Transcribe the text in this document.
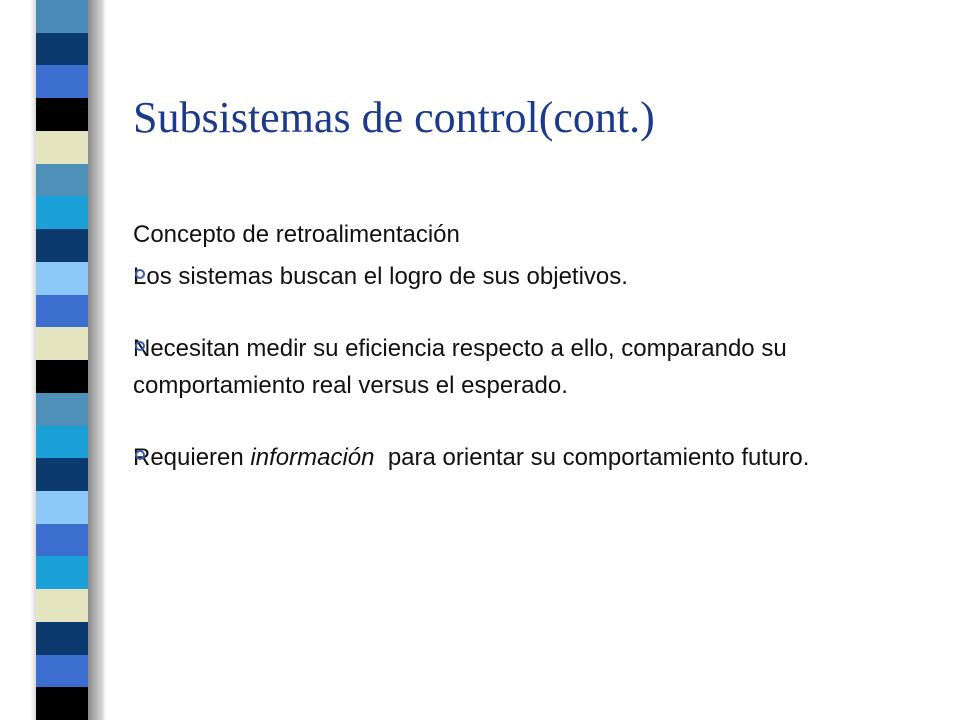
Subsistemas de control(cont.)

Concepto de retroalimentación

Los sistemas buscan el logro de sus objetivos.
Necesitan medir su eficiencia respecto a ello, comparando su comportamiento real versus el esperado.
Requieren información  para orientar su comportamiento futuro.
